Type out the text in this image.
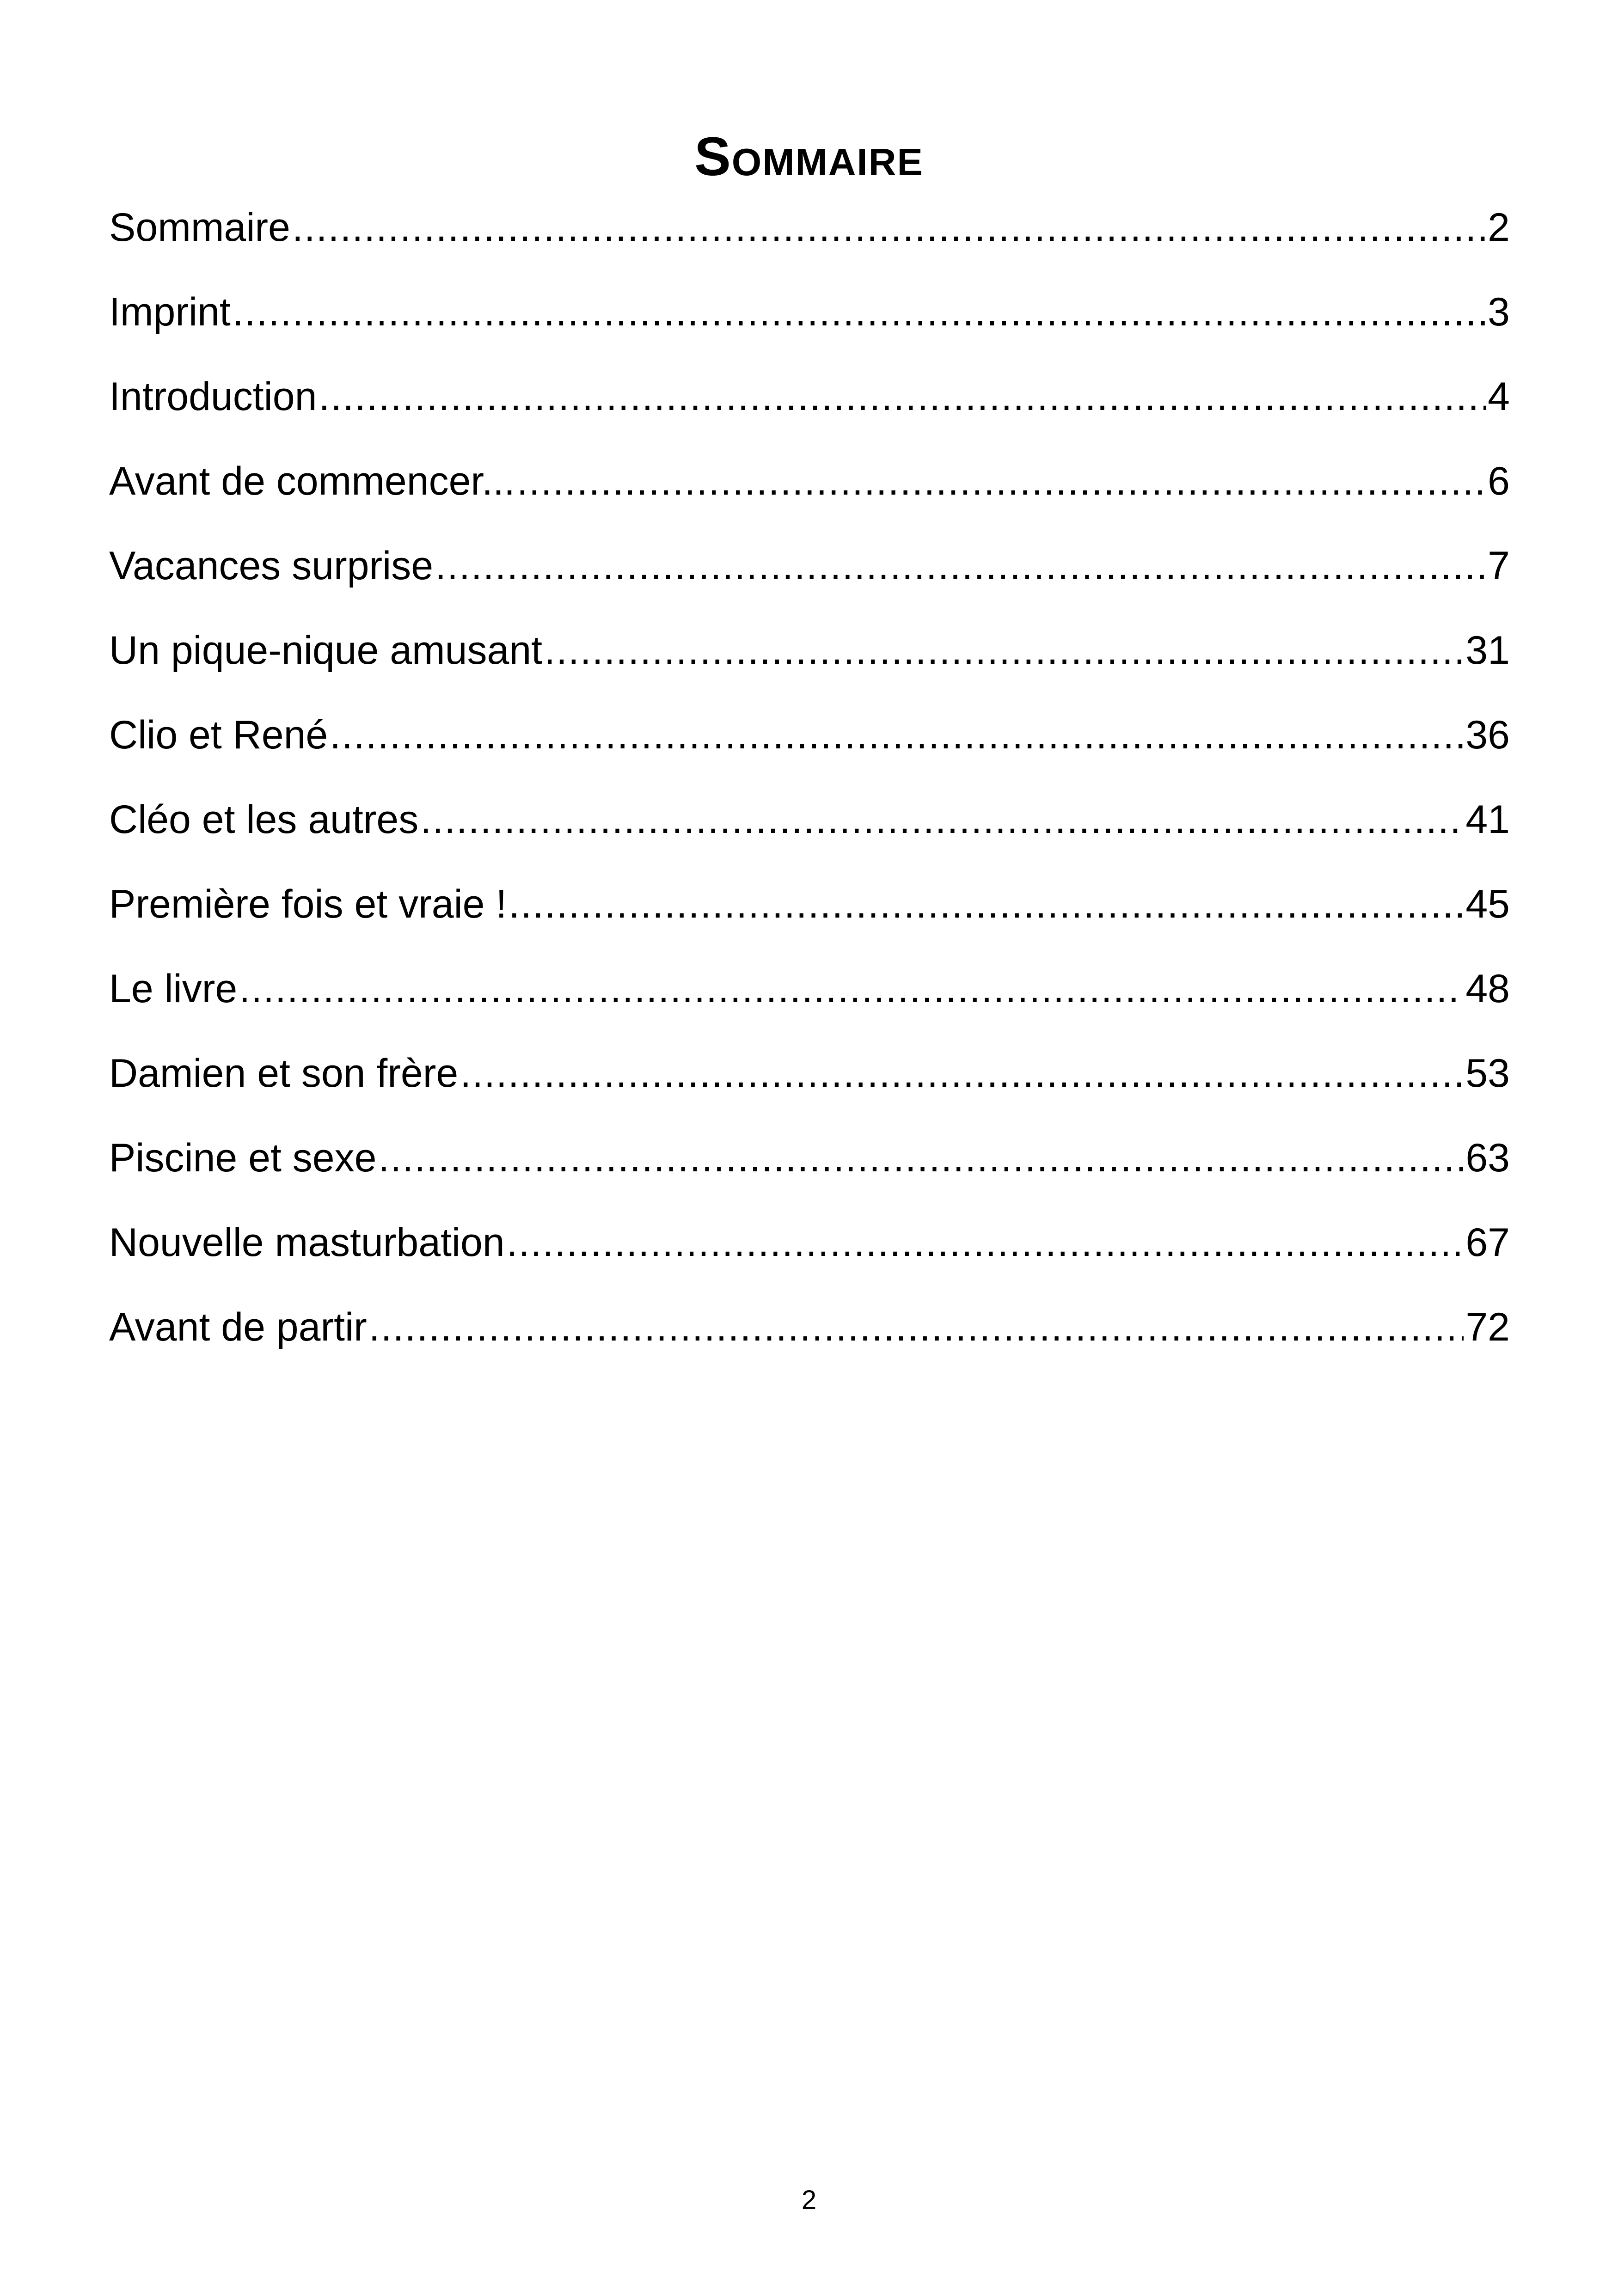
Sommaire
Sommaire .....	2
Imprint .....	3
Introduction .....	4
Avant de commencer... .....	6
Vacances surprise .....	7
Un pique-nique amusant .....	31
Clio et René .....	36
Cléo et les autres .....	41
Première fois et vraie ! .....	45
Le livre .....	48
Damien et son frère .....	53
Piscine et sexe .....	63
Nouvelle masturbation .....	67
Avant de partir .....	72
2
